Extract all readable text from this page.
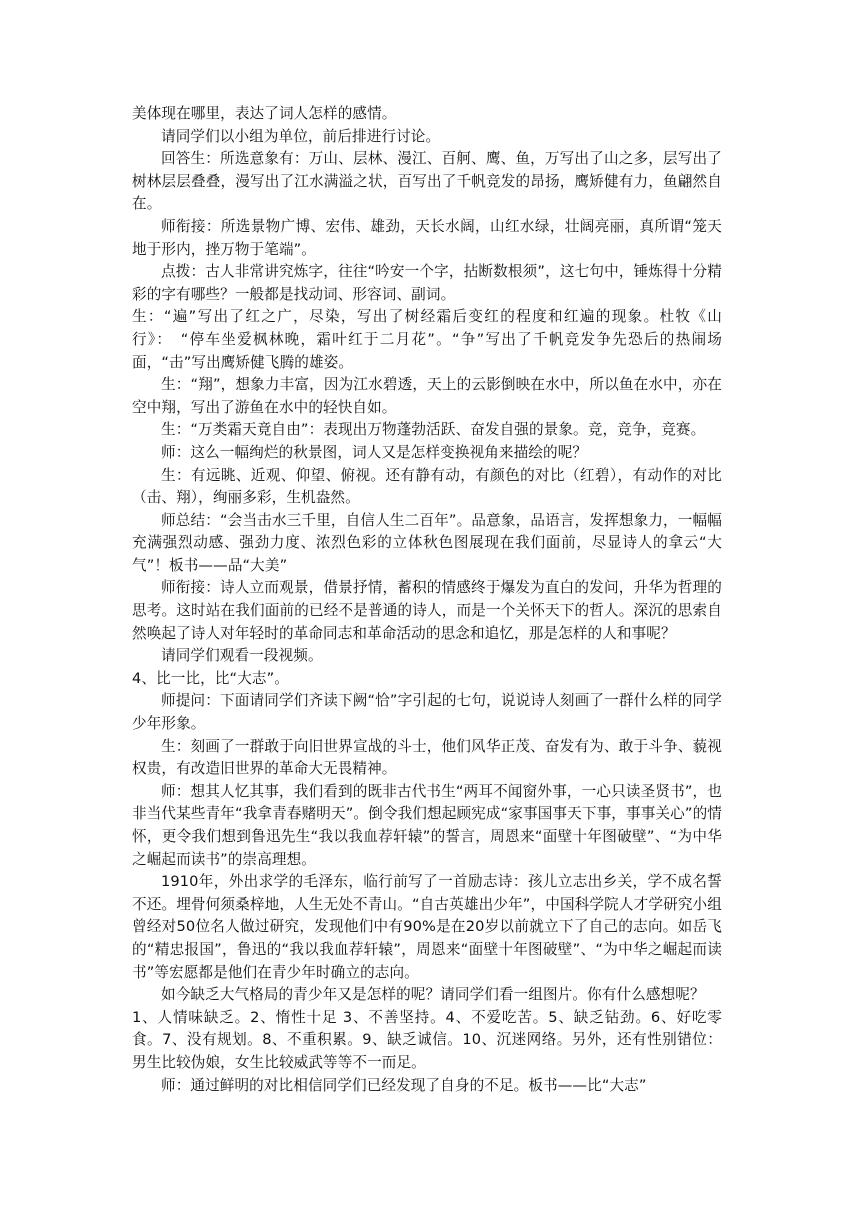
美体现在哪里，表达了词人怎样的感情。

请同学们以小组为单位，前后排进行讨论。

回答生：所选意象有：万山、层林、漫江、百舸、鹰、鱼，万写出了山之多，层写出了树林层层叠叠，漫写出了江水满溢之状，百写出了千帆竞发的昂扬，鹰矫健有力，鱼翩然自在。

师衔接：所选景物广博、宏伟、雄劲，天长水阔，山红水绿，壮阔亮丽，真所谓“笼天地于形内，挫万物于笔端”。

点拨：古人非常讲究炼字，往往“吟安一个字，拈断数根须”，这七句中，锤炼得十分精彩的字有哪些？一般都是找动词、形容词、副词。

生：“遍”写出了红之广，尽染，写出了树经霜后变红的程度和红遍的现象。杜牧《山行》：　“停车坐爱枫林晚，霜叶红于二月花”。“争”写出了千帆竞发争先恐后的热闹场面，“击”写出鹰矫健飞腾的雄姿。

生：“翔”，想象力丰富，因为江水碧透，天上的云影倒映在水中，所以鱼在水中，亦在空中翔，写出了游鱼在水中的轻快自如。

生：“万类霜天竟自由”：表现出万物蓬勃活跃、奋发自强的景象。竞，竞争，竞赛。

师：这么一幅绚烂的秋景图，词人又是怎样变换视角来描绘的呢？

生：有远眺、近观、仰望、俯视。还有静有动，有颜色的对比（红碧），有动作的对比（击、翔），绚丽多彩，生机盎然。

师总结：“会当击水三千里，自信人生二百年”。品意象，品语言，发挥想象力，一幅幅充满强烈动感、强劲力度、浓烈色彩的立体秋色图展现在我们面前，尽显诗人的拿云“大气”！板书——品“大美”

师衔接：诗人立而观景，借景抒情，蓄积的情感终于爆发为直白的发问，升华为哲理的思考。这时站在我们面前的已经不是普通的诗人，而是一个关怀天下的哲人。深沉的思索自然唤起了诗人对年轻时的革命同志和革命活动的思念和追忆，那是怎样的人和事呢？

请同学们观看一段视频。

4、比一比，比“大志”。

师提问：下面请同学们齐读下阙“恰”字引起的七句，说说诗人刻画了一群什么样的同学少年形象。

生：刻画了一群敢于向旧世界宣战的斗士，他们风华正茂、奋发有为、敢于斗争、藐视权贵，有改造旧世界的革命大无畏精神。

师：想其人忆其事，我们看到的既非古代书生“两耳不闻窗外事，一心只读圣贤书”，也非当代某些青年“我拿青春赌明天”。倒令我们想起顾宪成“家事国事天下事，事事关心”的情怀，更令我们想到鲁迅先生“我以我血荐轩辕”的誓言，周恩来“面壁十年图破壁”、“为中华之崛起而读书”的崇高理想。

1910年，外出求学的毛泽东，临行前写了一首励志诗：孩儿立志出乡关，学不成名誓不还。埋骨何须桑梓地，人生无处不青山。“自古英雄出少年”，中国科学院人才学研究小组曾经对50位名人做过研究，发现他们中有90%是在20岁以前就立下了自己的志向。如岳飞的“精忠报国”，鲁迅的“我以我血荐轩辕”，周恩来“面壁十年图破壁”、“为中华之崛起而读书”等宏愿都是他们在青少年时确立的志向。

如今缺乏大气格局的青少年又是怎样的呢？请同学们看一组图片。你有什么感想呢？

1、人情味缺乏。2、惰性十足 3、不善坚持。4、不爱吃苦。5、缺乏钻劲。6、好吃零食。7、没有规划。8、不重积累。9、缺乏诚信。10、沉迷网络。另外，还有性别错位：男生比较伪娘，女生比较威武等等不一而足。

师：通过鲜明的对比相信同学们已经发现了自身的不足。板书——比“大志”
